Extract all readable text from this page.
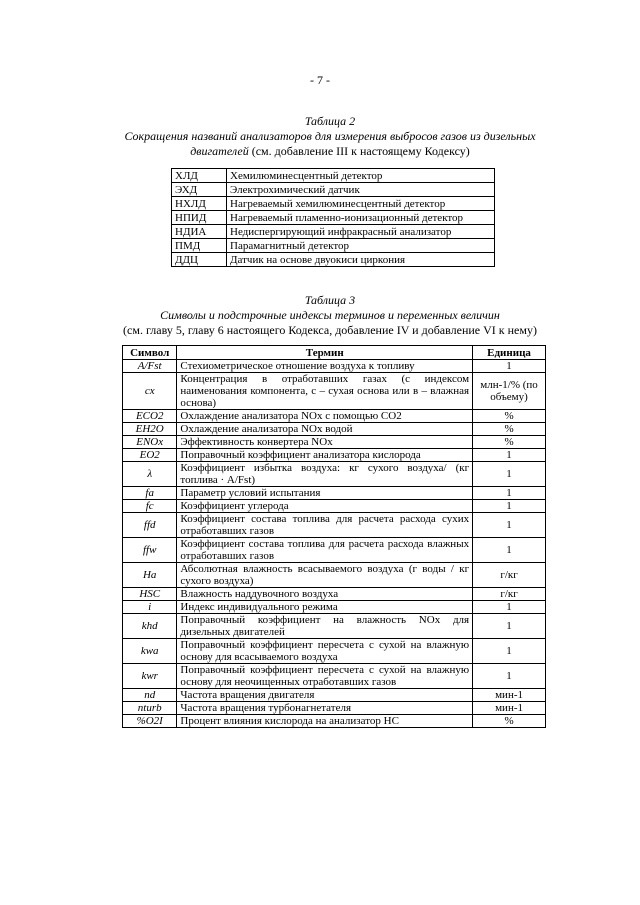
- 7 -
Таблица 2
Сокращения названий анализаторов для измерения выбросов газов из дизельных двигателей (см. добавление III к настоящему Кодексу)
ХЛД	Хемилюминесцентный детектор
ЭХД	Электрохимический датчик
НХЛД	Нагреваемый хемилюминесцентный детектор
НПИД	Нагреваемый пламенно-ионизационный детектор
НДИА	Недиспергирующий инфракрасный анализатор
ПМД	Парамагнитный детектор
ДДЦ	Датчик на основе двуокиси циркония
Таблица 3
Символы и подстрочные индексы терминов и переменных величин
(см. главу 5, главу 6 настоящего Кодекса, добавление IV и добавление VI к нему)
Символ	Термин	Единица
A/Fst	Стехиометрическое отношение воздуха к топливу	1
cx	Концентрация в отработавших газах (с индексом наименования компонента, с – сухая основа или в – влажная основа)	млн-1/% (по объему)
ECO2	Охлаждение анализатора NOx с помощью CO2	%
EH2O	Охлаждение анализатора NOx водой	%
ENOx	Эффективность конвертера NOx	%
EO2	Поправочный коэффициент анализатора кислорода	1
λ	Коэффициент избытка воздуха: кг сухого воздуха/ (кг топлива · A/Fst)	1
fa	Параметр условий испытания	1
fc	Коэффициент углерода	1
ffd	Коэффициент состава топлива для расчета расхода сухих отработавших газов	1
ffw	Коэффициент состава топлива для расчета расхода влажных отработавших газов	1
Ha	Абсолютная влажность всасываемого воздуха (г воды / кг сухого воздуха)	г/кг
HSC	Влажность наддувочного воздуха	г/кг
i	Индекс индивидуального режима	1
khd	Поправочный коэффициент на влажность NOx для дизельных двигателей	1
kwa	Поправочный коэффициент пересчета с сухой на влажную основу для всасываемого воздуха	1
kwr	Поправочный коэффициент пересчета с сухой на влажную основу для неочищенных отработавших газов	1
nd	Частота вращения двигателя	мин-1
nturb	Частота вращения турбонагнетателя	мин-1
%O2I	Процент влияния кислорода на анализатор НС	%
